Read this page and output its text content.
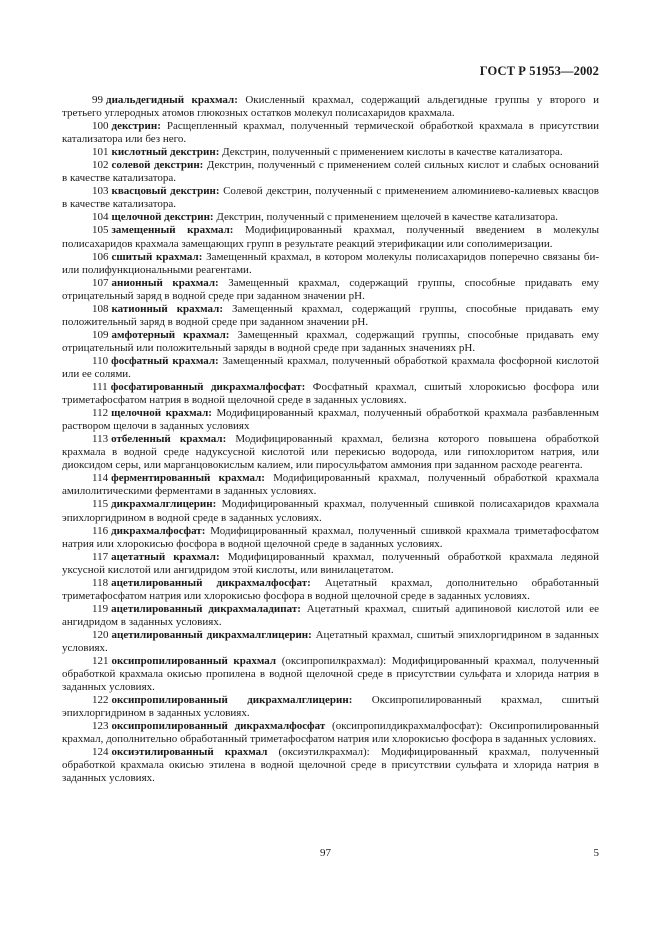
ГОСТ Р 51953—2002

99 диальдегидный крахмал: Окисленный крахмал, содержащий альдегидные группы у второго и третьего углеродных атомов глюкозных остатков молекул полисахаридов крахмала.

100 декстрин: Расщепленный крахмал, полученный термической обработкой крахмала в присутствии катализатора или без него.

101 кислотный декстрин: Декстрин, полученный с применением кислоты в качестве катализатора.

102 солевой декстрин: Декстрин, полученный с применением солей сильных кислот и слабых оснований в качестве катализатора.

103 квасцовый декстрин: Солевой декстрин, полученный с применением алюминиево-калиевых квасцов в качестве катализатора.

104 щелочной декстрин: Декстрин, полученный с применением щелочей в качестве катализатора.

105 замещенный крахмал: Модифицированный крахмал, полученный введением в молекулы полисахаридов крахмала замещающих групп в результате реакций этерификации или сополимеризации.

106 сшитый крахмал: Замещенный крахмал, в котором молекулы полисахаридов поперечно связаны би- или полифункциональными реагентами.

107 анионный крахмал: Замещенный крахмал, содержащий группы, способные придавать ему отрицательный заряд в водной среде при заданном значении pH.

108 катионный крахмал: Замещенный крахмал, содержащий группы, способные придавать ему положительный заряд в водной среде при заданном значении pH.

109 амфотерный крахмал: Замещенный крахмал, содержащий группы, способные придавать ему отрицательный или положительный заряды в водной среде при заданных значениях pH.

110 фосфатный крахмал: Замещенный крахмал, полученный обработкой крахмала фосфорной кислотой или ее солями.

111 фосфатированный дикрахмалфосфат: Фосфатный крахмал, сшитый хлорокисью фосфора или триметафосфатом натрия в водной щелочной среде в заданных условиях.

112 щелочной крахмал: Модифицированный крахмал, полученный обработкой крахмала разбавленным раствором щелочи в заданных условиях

113 отбеленный крахмал: Модифицированный крахмал, белизна которого повышена обработкой крахмала в водной среде надуксусной кислотой или перекисью водорода, или гипохлоритом натрия, или диоксидом серы, или марганцовокислым калием, или пиросульфатом аммония при заданном расходе реагента.

114 ферментированный крахмал: Модифицированный крахмал, полученный обработкой крахмала амилолитическими ферментами в заданных условиях.

115 дикрахмалглицерин: Модифицированный крахмал, полученный сшивкой полисахаридов крахмала эпихлоргидрином в водной среде в заданных условиях.

116 дикрахмалфосфат: Модифицированный крахмал, полученный сшивкой крахмала триметафосфатом натрия или хлорокисью фосфора в водной щелочной среде в заданных условиях.

117 ацетатный крахмал: Модифицированный крахмал, полученный обработкой крахмала ледяной уксусной кислотой или ангидридом этой кислоты, или винилацетатом.

118 ацетилированный дикрахмалфосфат: Ацетатный крахмал, дополнительно обработанный триметафосфатом натрия или хлорокисью фосфора в водной щелочной среде в заданных условиях.

119 ацетилированный дикрахмаладипат: Ацетатный крахмал, сшитый адипиновой кислотой или ее ангидридом в заданных условиях.

120 ацетилированный дикрахмалглицерин: Ацетатный крахмал, сшитый эпихлоргидрином в заданных условиях.

121 оксипропилированный крахмал (оксипропилкрахмал): Модифицированный крахмал, полученный обработкой крахмала окисью пропилена в водной щелочной среде в присутствии сульфата и хлорида натрия в заданных условиях.

122 оксипропилированный дикрахмалглицерин: Оксипропилированный крахмал, сшитый эпихлоргидрином в заданных условиях.

123 оксипропилированный дикрахмалфосфат (оксипропилдикрахмалфосфат): Оксипропилированный крахмал, дополнительно обработанный триметафосфатом натрия или хлорокисью фосфора в заданных условиях.

124 оксиэтилированный крахмал (оксиэтилкрахмал): Модифицированный крахмал, полученный обработкой крахмала окисью этилена в водной щелочной среде в присутствии сульфата и хлорида натрия в заданных условиях.

97	5
